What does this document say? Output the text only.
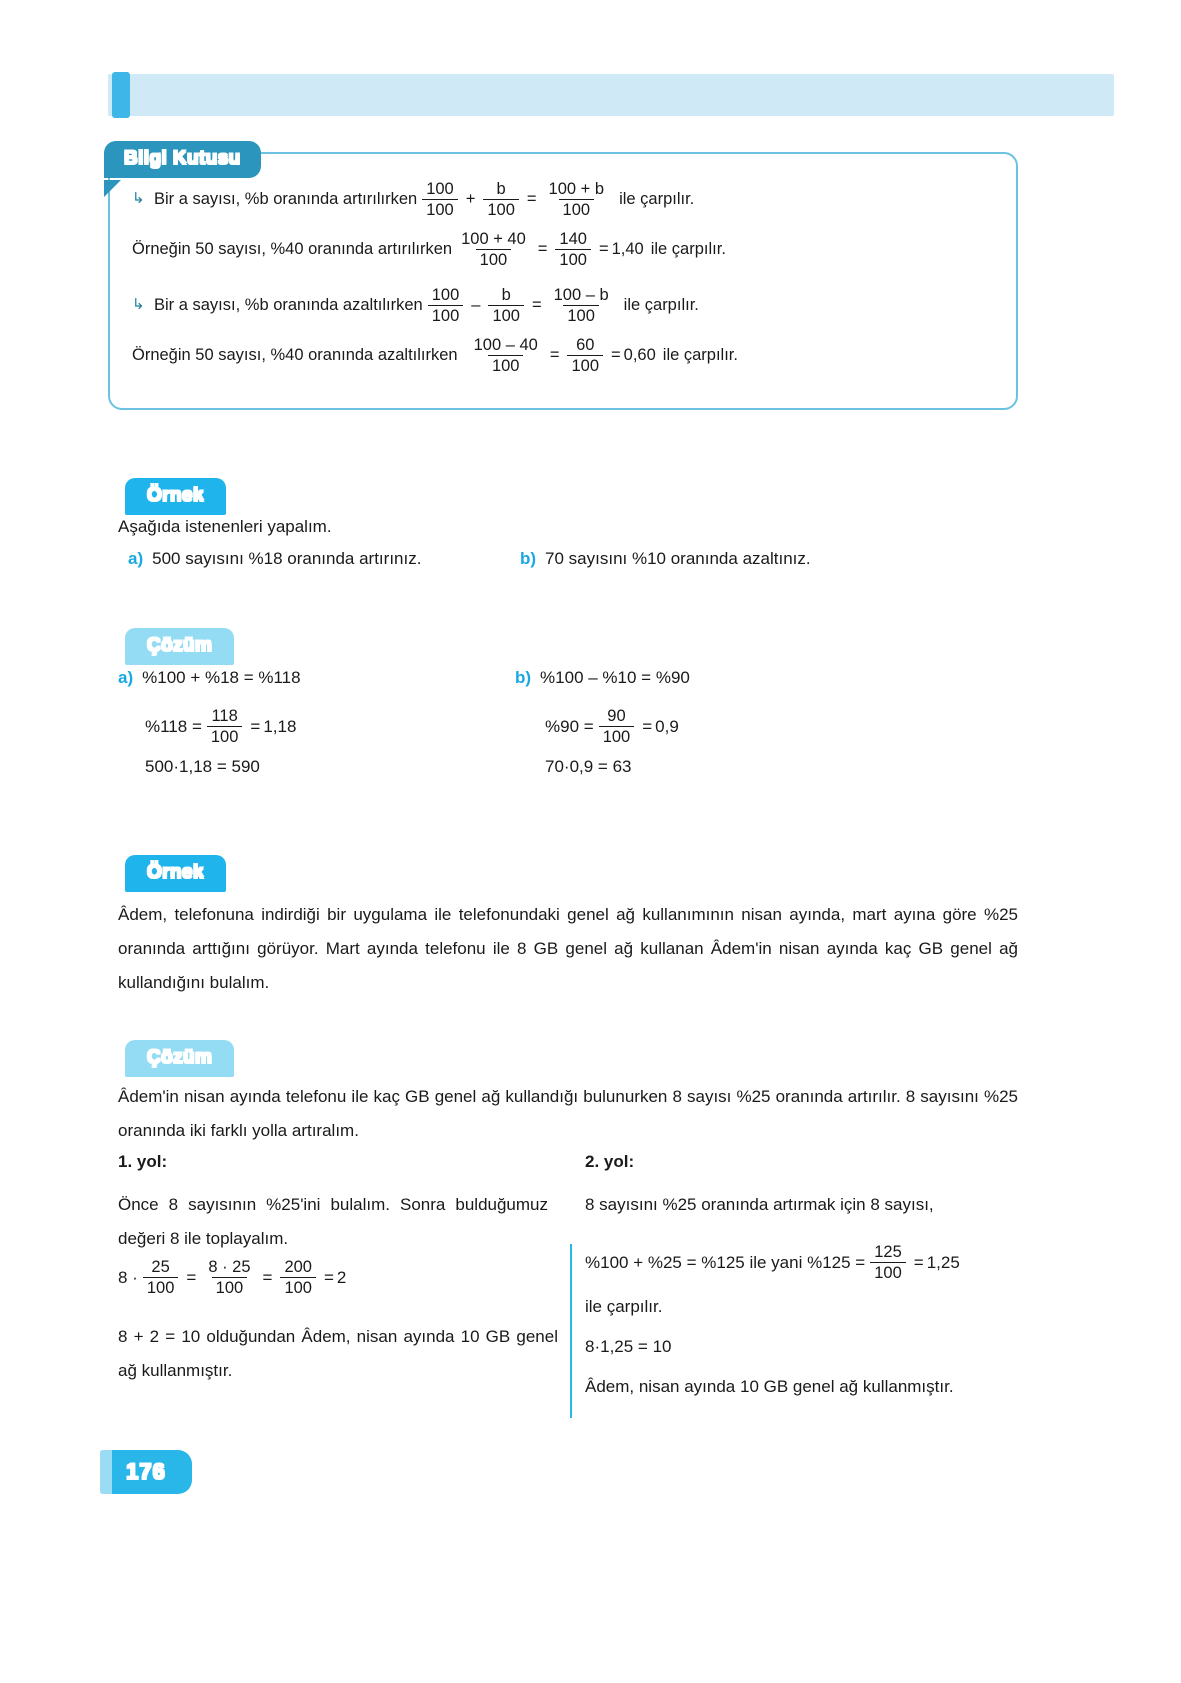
↳ Bir a sayısı, %b oranında artırılırken $\frac{100}{100} + \frac{b}{100} = \frac{100 + b}{100}$ ile çarpılır.
Örneğin 50 sayısı, %40 oranında artırılırken $\frac{100 + 40}{100} = \frac{140}{100} = 1,40$ ile çarpılır.
↳ Bir a sayısı, %b oranında azaltılırken $\frac{100}{100} - \frac{b}{100} = \frac{100 - b}{100}$ ile çarpılır.
Örneğin 50 sayısı, %40 oranında azaltılırken $\frac{100 - 40}{100} = \frac{60}{100} = 0,60$ ile çarpılır.
Bilgi Kutusu
Örnek
Aşağıda istenenleri yapalım.
a) 500 sayısını %18 oranında artırınız.	b) 70 sayısını %10 oranında azaltınız.
Çözüm
a) %100 + %18 = %118
$\%118 = \frac{118}{100} = 1,18$
500·1,18 = 590
b) %100 – %10 = %90
$\%90 = \frac{90}{100} = 0,9$
70·0,9 = 63
Örnek
Âdem, telefonuna indirdiği bir uygulama ile telefonundaki genel ağ kullanımının nisan ayında, mart ayına göre %25 oranında arttığını görüyor. Mart ayında telefonu ile 8 GB genel ağ kullanan Âdem'in nisan ayında kaç GB genel ağ kullandığını bulalım.
Çözüm
Âdem'in nisan ayında telefonu ile kaç GB genel ağ kullandığı bulunurken 8 sayısı %25 oranında artırılır. 8 sayısını %25 oranında iki farklı yolla artıralım.
1. yol:
Önce 8 sayısının %25'ini bulalım. Sonra bulduğumuz değeri 8 ile toplayalım.
$8 \cdot \frac{25}{100} = \frac{8 \cdot 25}{100} = \frac{200}{100} = 2$
8 + 2 = 10 olduğundan Âdem, nisan ayında 10 GB genel ağ kullanmıştır.
2. yol:
8 sayısını %25 oranında artırmak için 8 sayısı,
%100 + %25 = %125 ile yani $\%125 = \frac{125}{100} = 1,25$
ile çarpılır.
8·1,25 = 10
Âdem, nisan ayında 10 GB genel ağ kullanmıştır.
176
